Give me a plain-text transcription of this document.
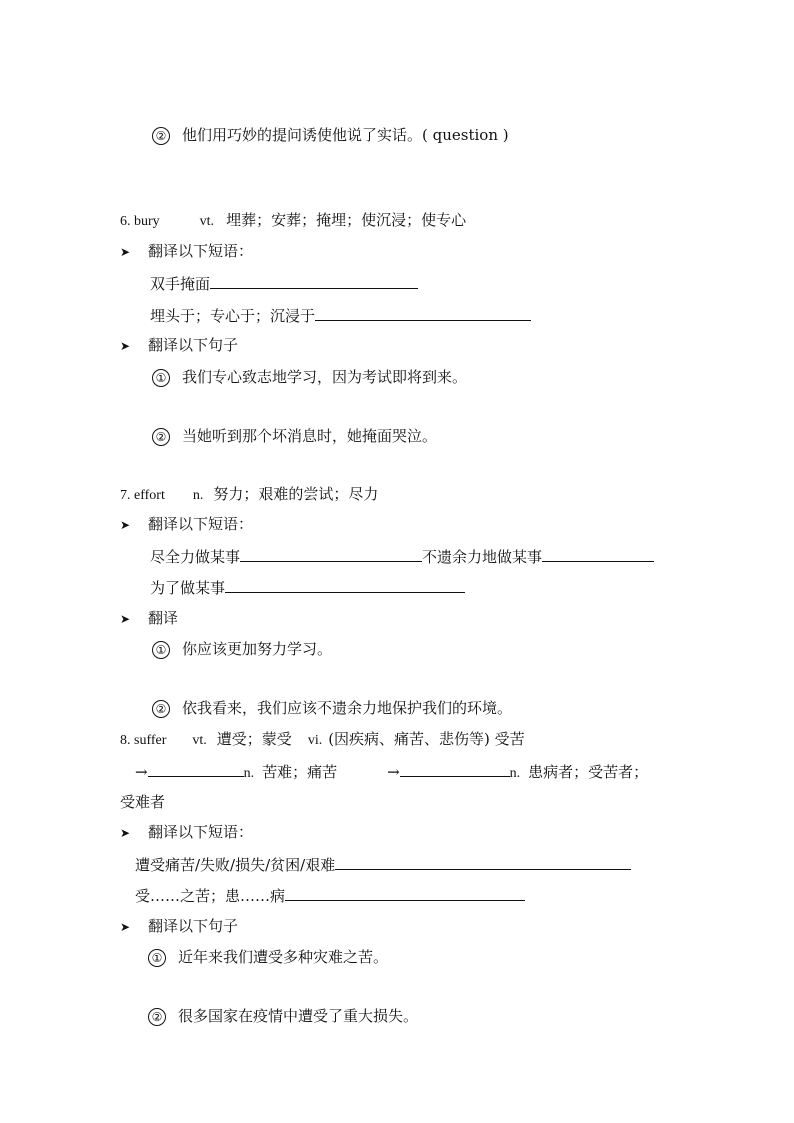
② 他们用巧妙的提问诱使他说了实话。( question )
6. bury	vt. 埋葬；安葬；掩埋；使沉浸；使专心
➤ 翻译以下短语：
双手掩面
埋头于；专心于；沉浸于
➤ 翻译以下句子
① 我们专心致志地学习，因为考试即将到来。
② 当她听到那个坏消息时，她掩面哭泣。
7. effort n. 努力；艰难的尝试；尽力
➤ 翻译以下短语：
尽全力做某事	不遗余力地做某事
为了做某事
➤ 翻译
① 你应该更加努力学习。
② 依我看来，我们应该不遗余力地保护我们的环境。
8. suffer vt. 遭受；蒙受 vi. (因疾病、痛苦、悲伤等) 受苦
→	n. 苦难；痛苦	→	n. 患病者；受苦者；
受难者
➤ 翻译以下短语：
遭受痛苦/失败/损失/贫困/艰难
受……之苦；患……病
➤ 翻译以下句子
① 近年来我们遭受多种灾难之苦。
② 很多国家在疫情中遭受了重大损失。
